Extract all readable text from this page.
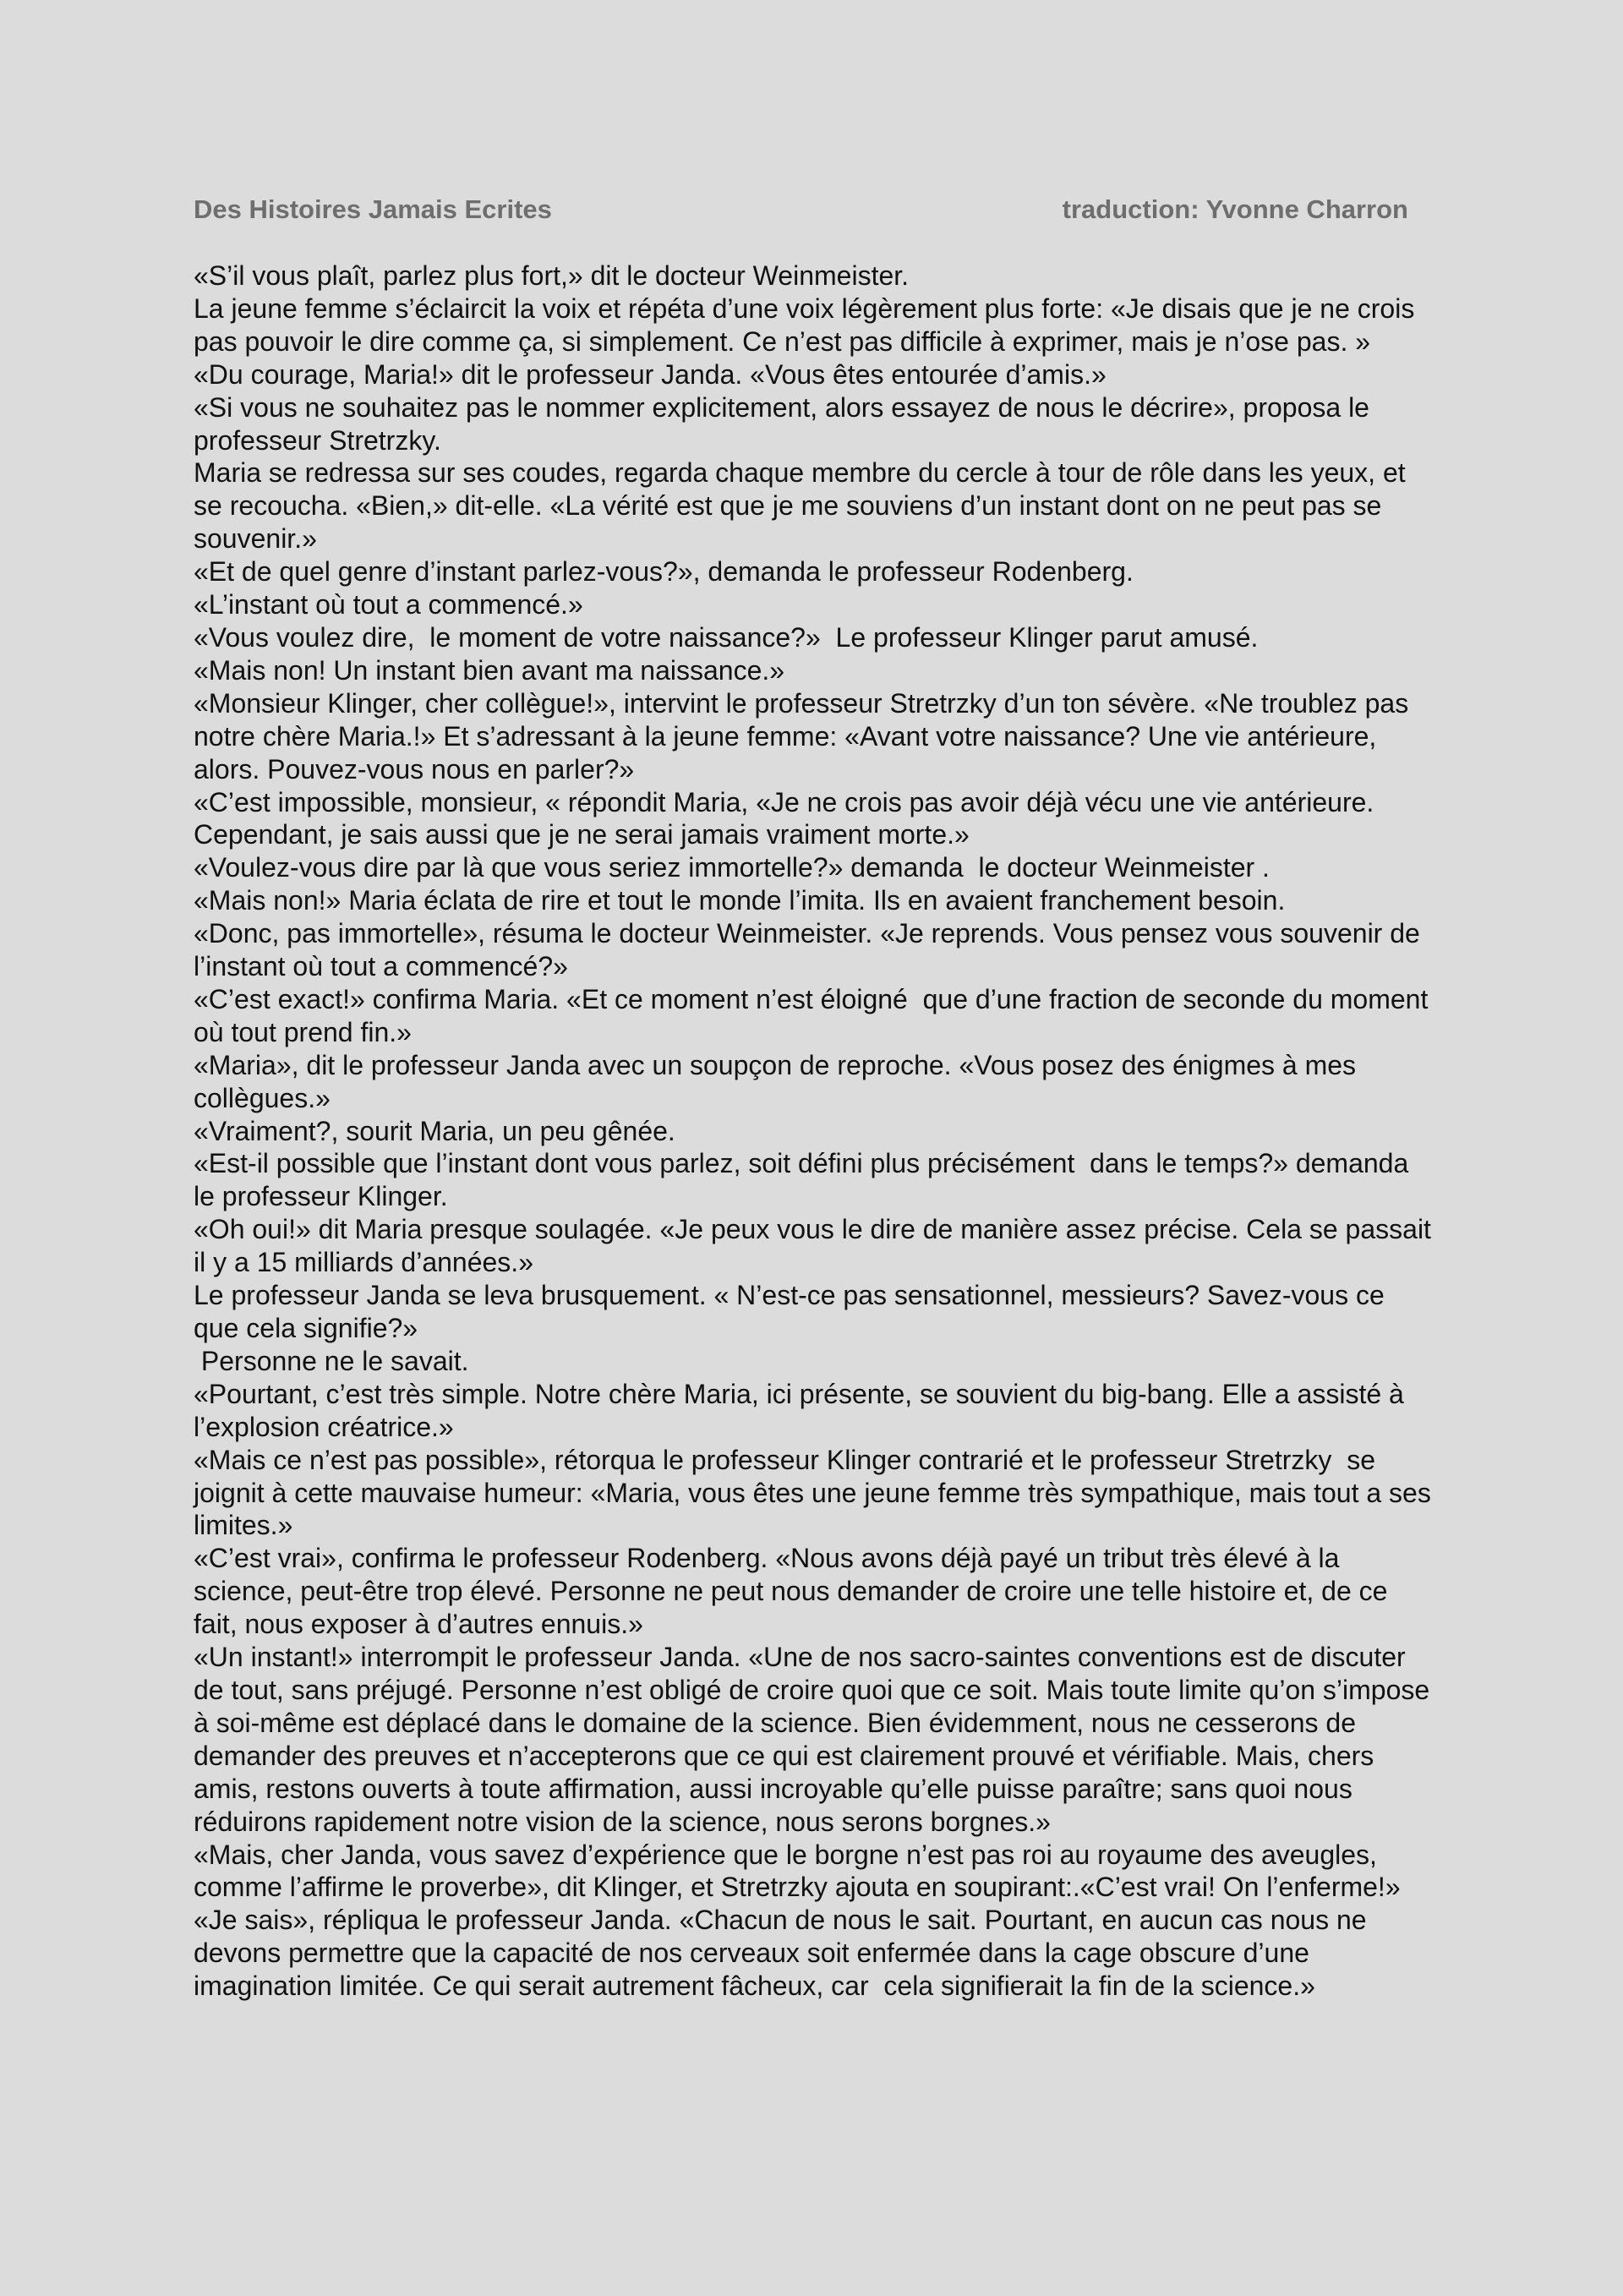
Des Histoires Jamais Ecrites	traduction: Yvonne Charron

«S’il vous plaît, parlez plus fort,» dit le docteur Weinmeister.

La jeune femme s’éclaircit la voix et répéta d’une voix légèrement plus forte: «Je disais que je ne crois pas pouvoir le dire comme ça, si simplement. Ce n’est pas difficile à exprimer, mais je n’ose pas. »

«Du courage, Maria!» dit le professeur Janda. «Vous êtes entourée d’amis.»

«Si vous ne souhaitez pas le nommer explicitement, alors essayez de nous le décrire», proposa le professeur Stretrzky.

Maria se redressa sur ses coudes, regarda chaque membre du cercle à tour de rôle dans les yeux, et se recoucha. «Bien,» dit-elle. «La vérité est que je me souviens d’un instant dont on ne peut pas se souvenir.»

«Et de quel genre d’instant parlez-vous?», demanda le professeur Rodenberg.

«L’instant où tout a commencé.»

«Vous voulez dire,  le moment de votre naissance?»  Le professeur Klinger parut amusé.

«Mais non! Un instant bien avant ma naissance.»

«Monsieur Klinger, cher collègue!», intervint le professeur Stretrzky d’un ton sévère. «Ne troublez pas notre chère Maria.!» Et s’adressant à la jeune femme: «Avant votre naissance? Une vie antérieure, alors. Pouvez-vous nous en parler?»

«C’est impossible, monsieur, « répondit Maria, «Je ne crois pas avoir déjà vécu une vie antérieure. Cependant, je sais aussi que je ne serai jamais vraiment morte.»

«Voulez-vous dire par là que vous seriez immortelle?» demanda  le docteur Weinmeister .

«Mais non!» Maria éclata de rire et tout le monde l’imita. Ils en avaient franchement besoin.

«Donc, pas immortelle», résuma le docteur Weinmeister. «Je reprends. Vous pensez vous souvenir de l’instant où tout a commencé?»

«C’est exact!» confirma Maria. «Et ce moment n’est éloigné  que d’une fraction de seconde du moment où tout prend fin.»

«Maria», dit le professeur Janda avec un soupçon de reproche. «Vous posez des énigmes à mes collègues.»

«Vraiment?, sourit Maria, un peu gênée.

«Est-il possible que l’instant dont vous parlez, soit défini plus précisément  dans le temps?» demanda le professeur Klinger.

«Oh oui!» dit Maria presque soulagée. «Je peux vous le dire de manière assez précise. Cela se passait il y a 15 milliards d’années.»

Le professeur Janda se leva brusquement. « N’est-ce pas sensationnel, messieurs? Savez-vous ce que cela signifie?»

Personne ne le savait.

«Pourtant, c’est très simple. Notre chère Maria, ici présente, se souvient du big-bang. Elle a assisté à l’explosion créatrice.»

«Mais ce n’est pas possible», rétorqua le professeur Klinger contrarié et le professeur Stretrzky  se joignit à cette mauvaise humeur: «Maria, vous êtes une jeune femme très sympathique, mais tout a ses limites.»

«C’est vrai», confirma le professeur Rodenberg. «Nous avons déjà payé un tribut très élevé à la science, peut-être trop élevé. Personne ne peut nous demander de croire une telle histoire et, de ce fait, nous exposer à d’autres ennuis.»

«Un instant!» interrompit le professeur Janda. «Une de nos sacro-saintes conventions est de discuter de tout, sans préjugé. Personne n’est obligé de croire quoi que ce soit. Mais toute limite qu’on s’impose à soi-même est déplacé dans le domaine de la science. Bien évidemment, nous ne cesserons de demander des preuves et n’accepterons que ce qui est clairement prouvé et vérifiable. Mais, chers amis, restons ouverts à toute affirmation, aussi incroyable qu’elle puisse paraître; sans quoi nous réduirons rapidement notre vision de la science, nous serons borgnes.»

«Mais, cher Janda, vous savez d’expérience que le borgne n’est pas roi au royaume des aveugles, comme l’affirme le proverbe», dit Klinger, et Stretrzky ajouta en soupirant:.«C’est vrai! On l’enferme!»

«Je sais», répliqua le professeur Janda. «Chacun de nous le sait. Pourtant, en aucun cas nous ne devons permettre que la capacité de nos cerveaux soit enfermée dans la cage obscure d’une imagination limitée. Ce qui serait autrement fâcheux, car  cela signifierait la fin de la science.»
